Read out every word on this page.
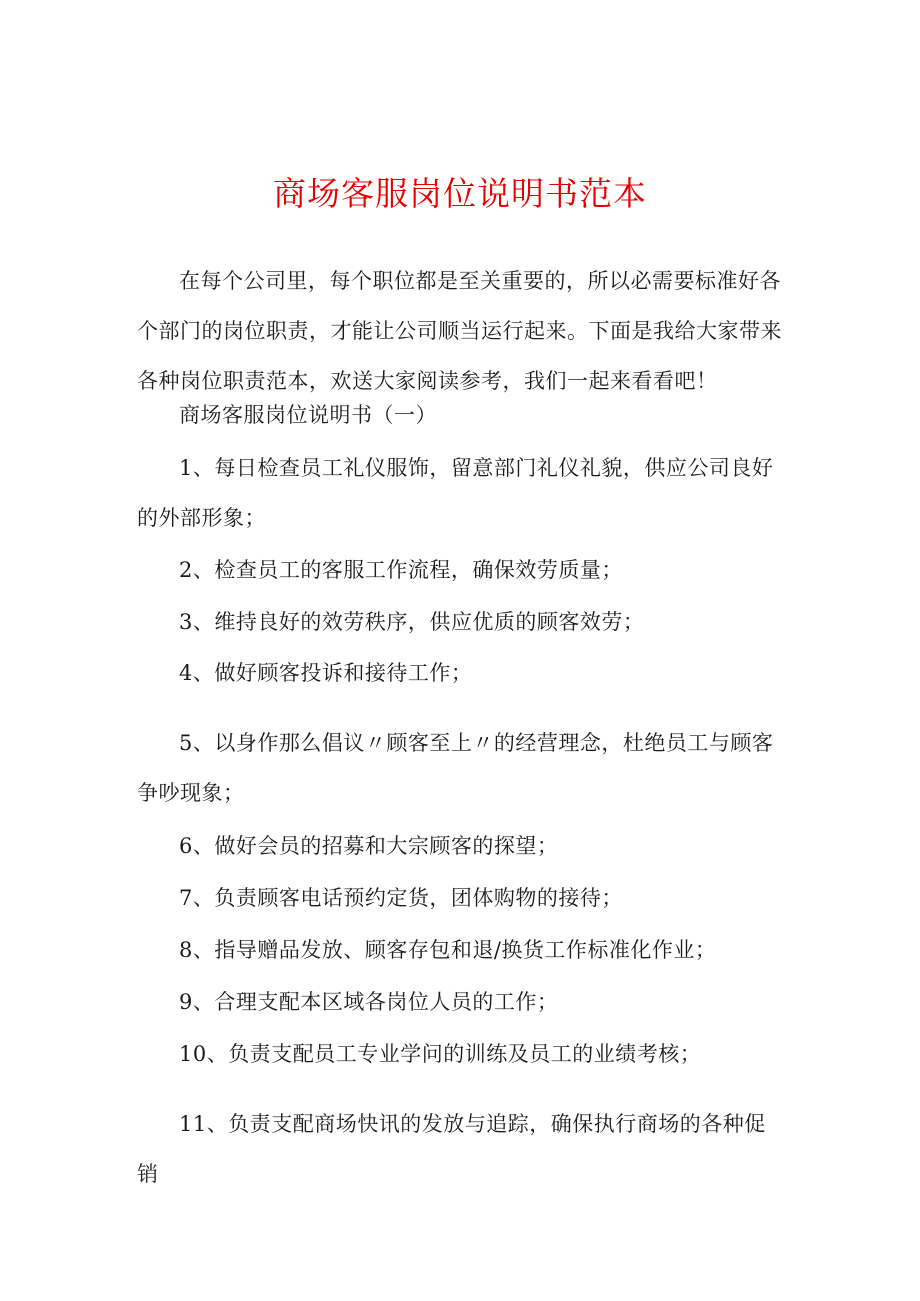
商场客服岗位说明书范本

在每个公司里，每个职位都是至关重要的，所以必需要标准好各个部门的岗位职责，才能让公司顺当运行起来。下面是我给大家带来各种岗位职责范本，欢送大家阅读参考，我们一起来看看吧！

商场客服岗位说明书（一）

1、每日检查员工礼仪服饰，留意部门礼仪礼貌，供应公司良好的外部形象；

2、检查员工的客服工作流程，确保效劳质量；

3、维持良好的效劳秩序，供应优质的顾客效劳；

4、做好顾客投诉和接待工作；

5、以身作那么倡议〃顾客至上〃的经营理念，杜绝员工与顾客争吵现象；

6、做好会员的招募和大宗顾客的探望；

7、负责顾客电话预约定货，团体购物的接待；

8、指导赠品发放、顾客存包和退/换货工作标准化作业；

9、合理支配本区域各岗位人员的工作；

10、负责支配员工专业学问的训练及员工的业绩考核；

11、负责支配商场快讯的发放与追踪，确保执行商场的各种促销
